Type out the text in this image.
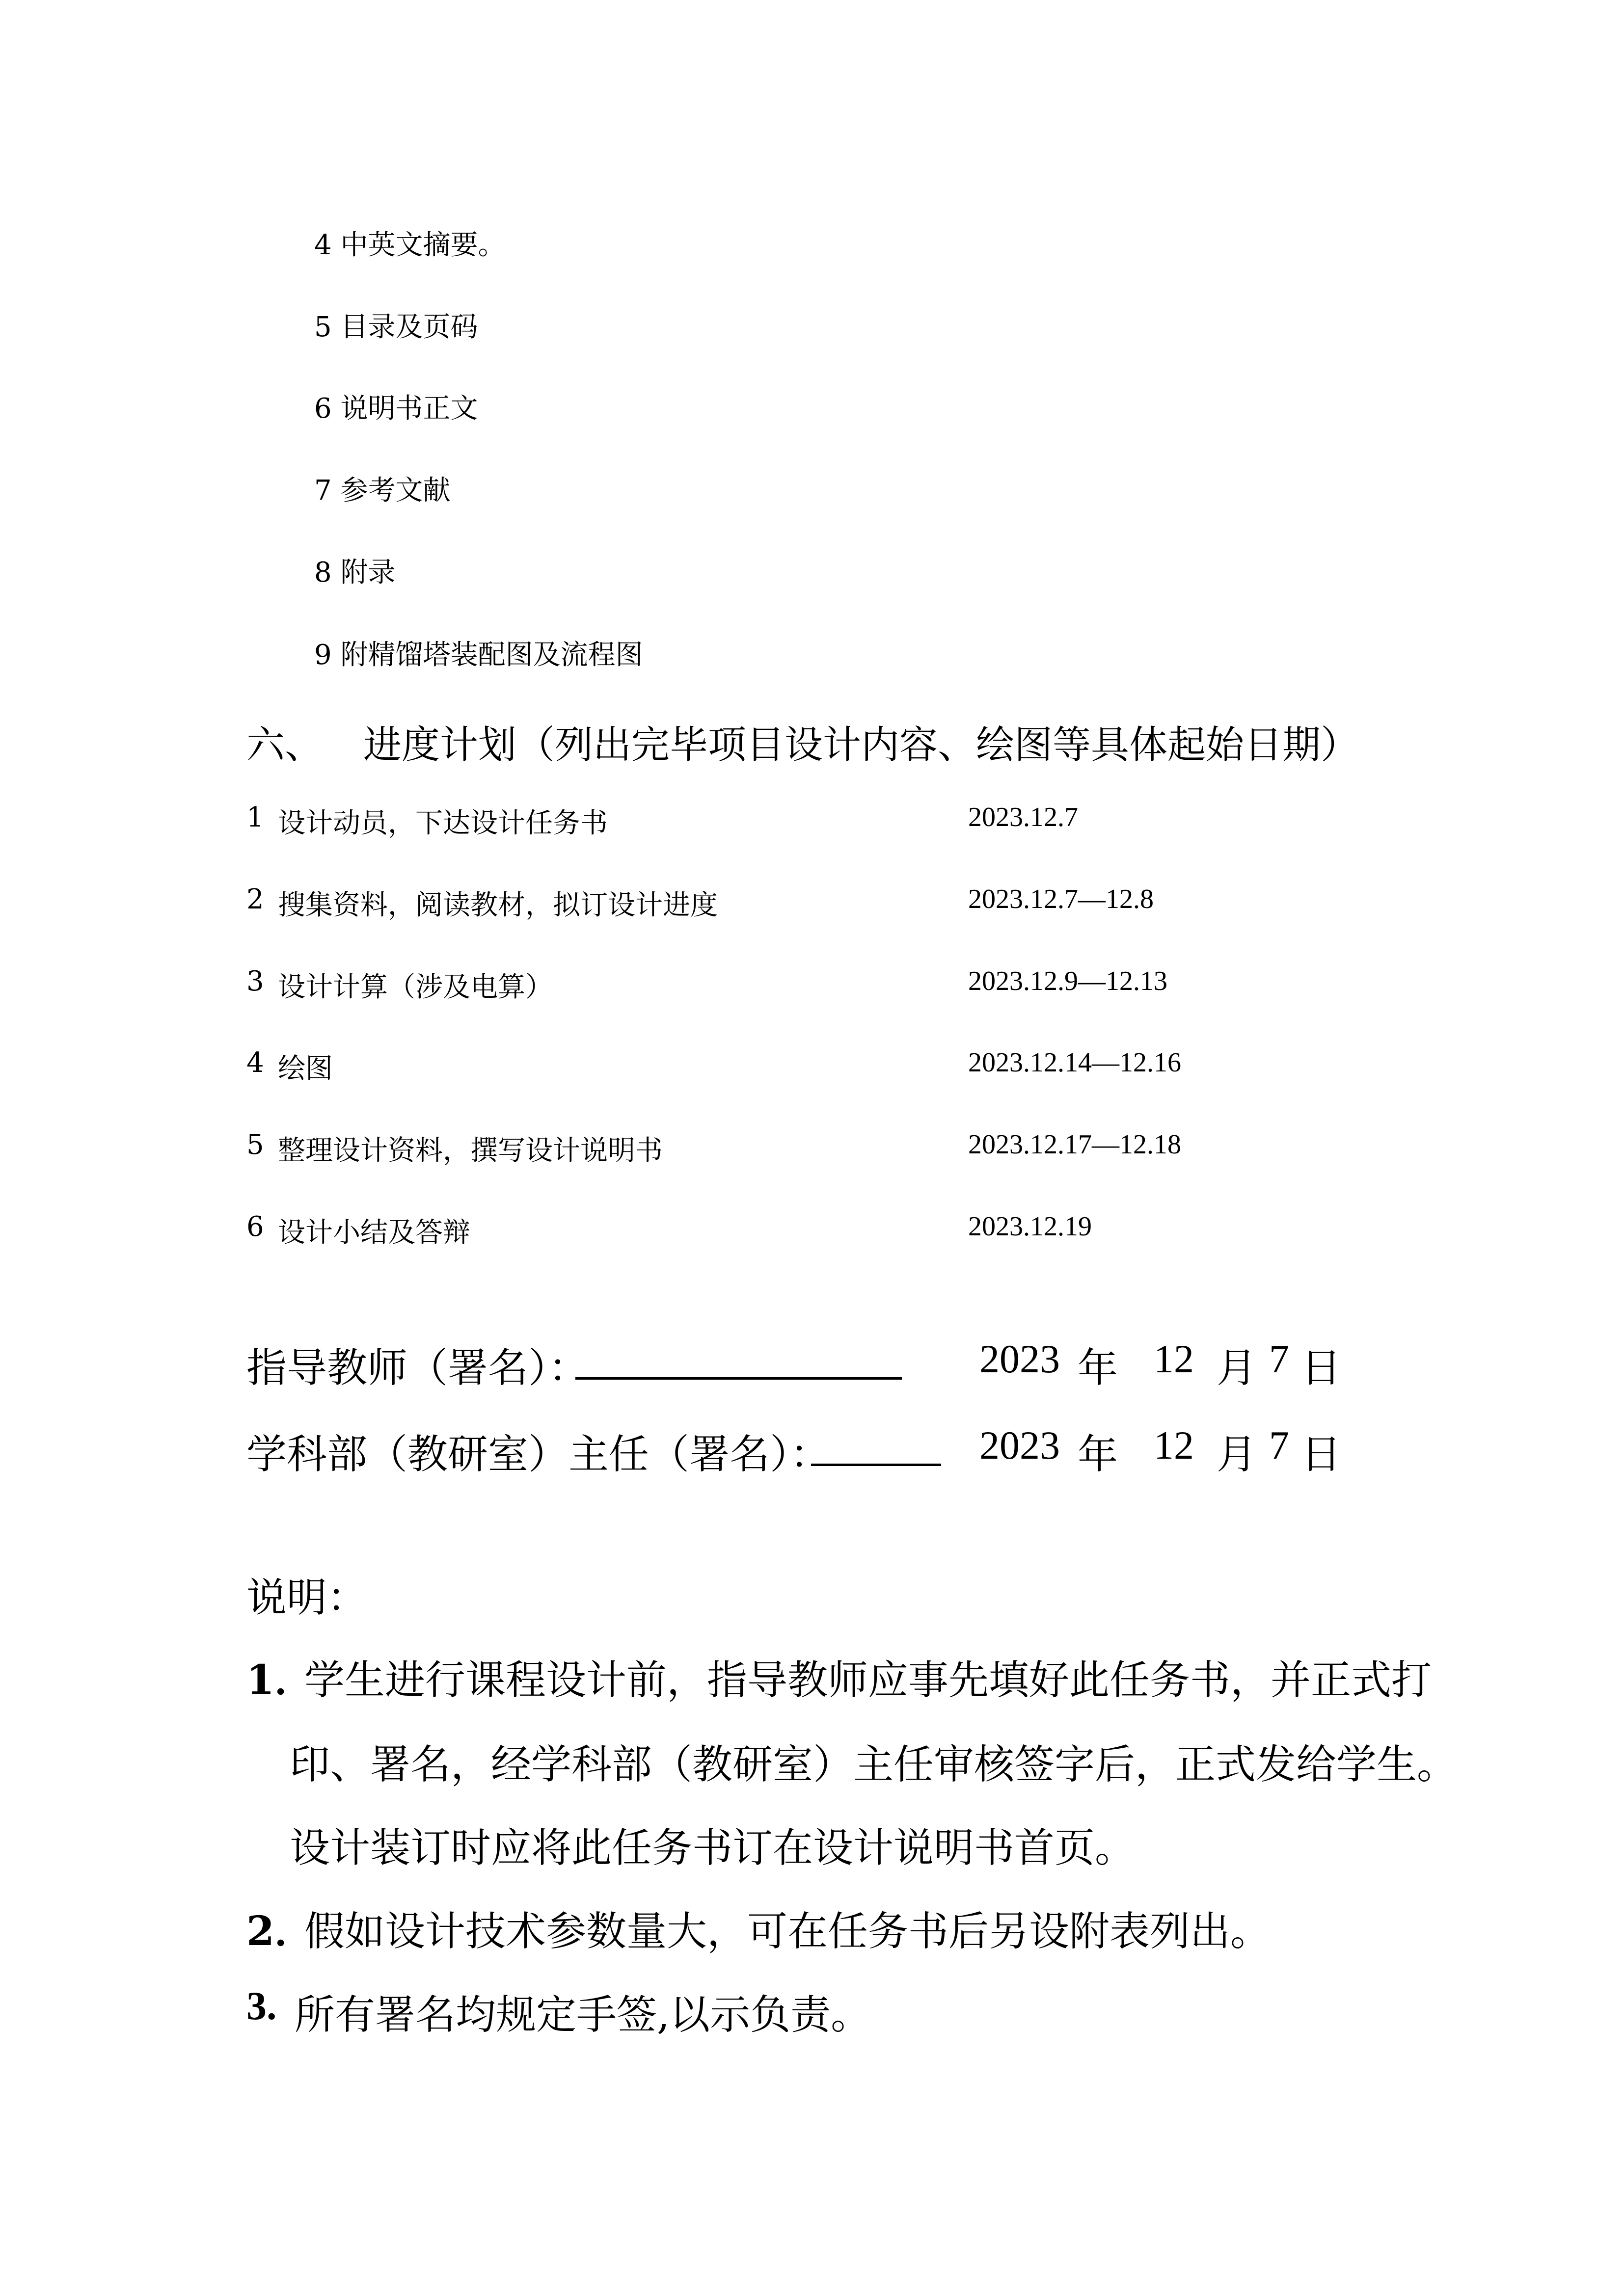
4 中英文摘要。
5 目录及页码
6 说明书正文
7 参考文献
8 附录
9 附精馏塔装配图及流程图
六、 进度计划（列出完毕项目设计内容、绘图等具体起始日期）
1 设计动员，下达设计任务书	2023.12.7
2 搜集资料，阅读教材，拟订设计进度	2023.12.7—12.8
3 设计计算（涉及电算）	2023.12.9—12.13
4 绘图	2023.12.14—12.16
5 整理设计资料，撰写设计说明书	2023.12.17—12.18
6 设计小结及答辩	2023.12.19
指导教师（署名）：	2023 年 12 月 7 日
学科部（教研室）主任（署名）：	2023 年 12 月 7 日
说明：
1．
学生进行课程设计前，指导教师应事先填好此任务书，并正式打
印、署名，经学科部（教研室）主任审核签字后，正式发给学生。
设计装订时应将此任务书订在设计说明书首页。
2．
假如设计技术参数量大，可在任务书后另设附表列出。
3. 所有署名均规定手签,以示负责。
